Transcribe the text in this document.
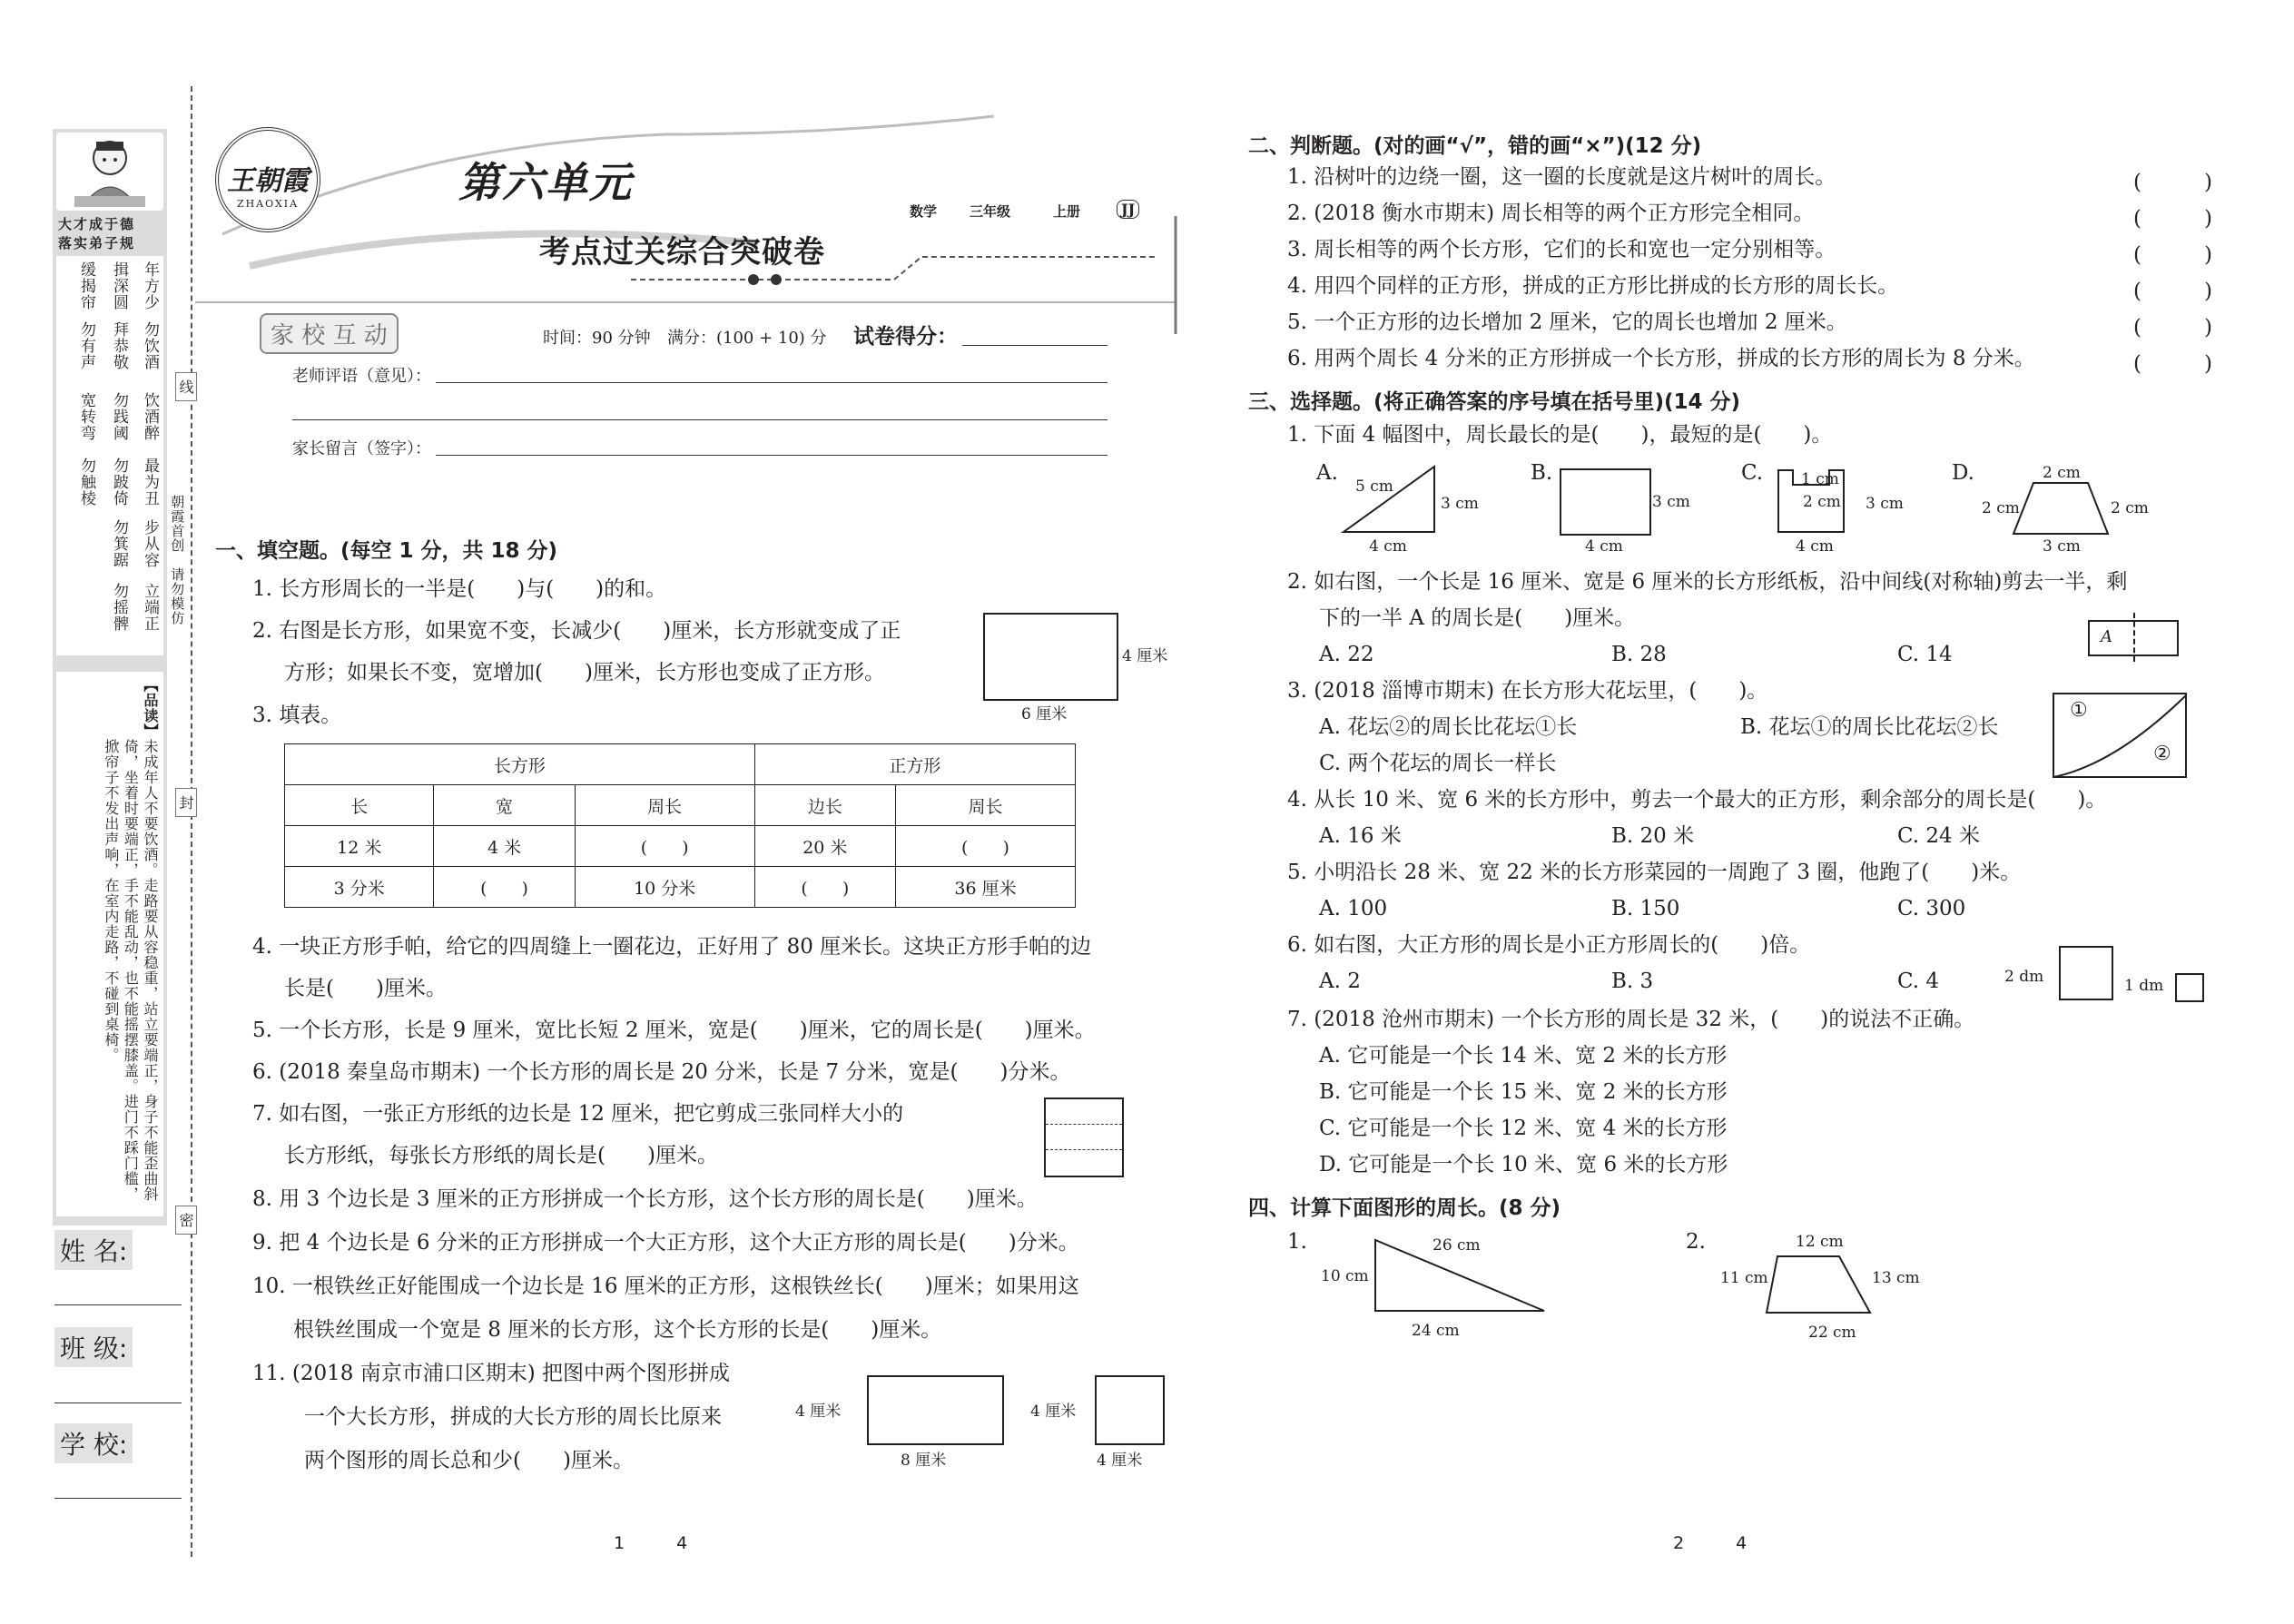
大才成于德
落实弟子规
年方少
勿饮酒
饮酒醉
最为丑
步从容
立端正
揖深圆
拜恭敬
勿践阈
勿跛倚
勿箕踞
勿摇髀
缓揭帘
勿有声
宽转弯
勿触棱
【品读】
未成年人不要饮酒。走路要从容稳重，站立要端正，身子不能歪曲斜倚，坐着时要端正，手不能乱动，也不能摇摆膝盖。进门不踩门槛，掀帘子不发出声响，在室内走路，不碰到桌椅。
朝霞首创　请勿模仿
线
封
密
姓 名:
班 级:
学 校:
王朝霞
ZHAOXIA	第六单元
考点过关综合突破卷
数学 三年级	上册	JJ
家 校 互 动	时间：90 分钟 满分：(100 + 10) 分 试卷得分：
老师评语（意见）：
家长留言（签字）：
一、填空题。(每空 1 分，共 18 分)
1. 长方形周长的一半是(　　)与(　　)的和。
2. 右图是长方形，如果宽不变，长减少(　　)厘米，长方形就变成了正
方形；如果长不变，宽增加(　　)厘米，长方形也变成了正方形。
4 厘米
6 厘米
3. 填表。
长方形			正方形	
长	宽	周长	边长	周长
12 米	4 米	(　　)	20 米	(　　)
3 分米	(　　)	10 分米	(　　)	36 厘米
4. 一块正方形手帕，给它的四周缝上一圈花边，正好用了 80 厘米长。这块正方形手帕的边
长是(　　)厘米。
5. 一个长方形，长是 9 厘米，宽比长短 2 厘米，宽是(　　)厘米，它的周长是(　　)厘米。
6. (2018 秦皇岛市期末) 一个长方形的周长是 20 分米，长是 7 分米，宽是(　　)分米。
7. 如右图，一张正方形纸的边长是 12 厘米，把它剪成三张同样大小的
长方形纸，每张长方形纸的周长是(　　)厘米。
8. 用 3 个边长是 3 厘米的正方形拼成一个长方形，这个长方形的周长是(　　)厘米。
9. 把 4 个边长是 6 分米的正方形拼成一个大正方形，这个大正方形的周长是(　　)分米。
10. 一根铁丝正好能围成一个边长是 16 厘米的正方形，这根铁丝长(　　)厘米；如果用这
根铁丝围成一个宽是 8 厘米的长方形，这个长方形的长是(　　)厘米。
11. (2018 南京市浦口区期末) 把图中两个图形拼成
一个大长方形，拼成的大长方形的周长比原来
两个图形的周长总和少(　　)厘米。
4 厘米
8 厘米
4 厘米
4 厘米
二、判断题。(对的画“√”，错的画“×”)(12 分)
1. 沿树叶的边绕一圈，这一圈的长度就是这片树叶的周长。
2. (2018 衡水市期末) 周长相等的两个正方形完全相同。
3. 周长相等的两个长方形，它们的长和宽也一定分别相等。
4. 用四个同样的正方形，拼成的正方形比拼成的长方形的周长长。
5. 一个正方形的边长增加 2 厘米，它的周长也增加 2 厘米。
6. 用两个周长 4 分米的正方形拼成一个长方形，拼成的长方形的周长为 8 分米。
(　　　)
(　　　)
(　　　)
(　　　)
(　　　)
(　　　)
三、选择题。(将正确答案的序号填在括号里)(14 分)
1. 下面 4 幅图中，周长最长的是(　　)，最短的是(　　)。
A.
5 cm
3 cm
4 cm
B.
3 cm
4 cm
C. 1 cm
2 cm 3 cm
4 cm
D.	2 cm
2 cm	2 cm
3 cm
2. 如右图，一个长是 16 厘米、宽是 6 厘米的长方形纸板，沿中间线(对称轴)剪去一半，剩
下的一半 A 的周长是(　　)厘米。
A. 22	B. 28	C. 14
A
3. (2018 淄博市期末) 在长方形大花坛里，(　　)。
A. 花坛②的周长比花坛①长	B. 花坛①的周长比花坛②长
C. 两个花坛的周长一样长
①
②
4. 从长 10 米、宽 6 米的长方形中，剪去一个最大的正方形，剩余部分的周长是(　　)。
A. 16 米	B. 20 米	C. 24 米
5. 小明沿长 28 米、宽 22 米的长方形菜园的一周跑了 3 圈，他跑了(　　)米。
A. 100	B. 150	C. 300
6. 如右图，大正方形的周长是小正方形周长的(　　)倍。
A. 2	B. 3	C. 4	2 dm	1 dm
7. (2018 沧州市期末) 一个长方形的周长是 32 米，(　　)的说法不正确。
A. 它可能是一个长 14 米、宽 2 米的长方形
B. 它可能是一个长 15 米、宽 2 米的长方形
C. 它可能是一个长 12 米、宽 4 米的长方形
D. 它可能是一个长 10 米、宽 6 米的长方形
四、计算下面图形的周长。(8 分)
1.	26 cm
10 cm
24 cm
2.	12 cm
11 cm	13 cm
22 cm
1　　　4	2　　　4
